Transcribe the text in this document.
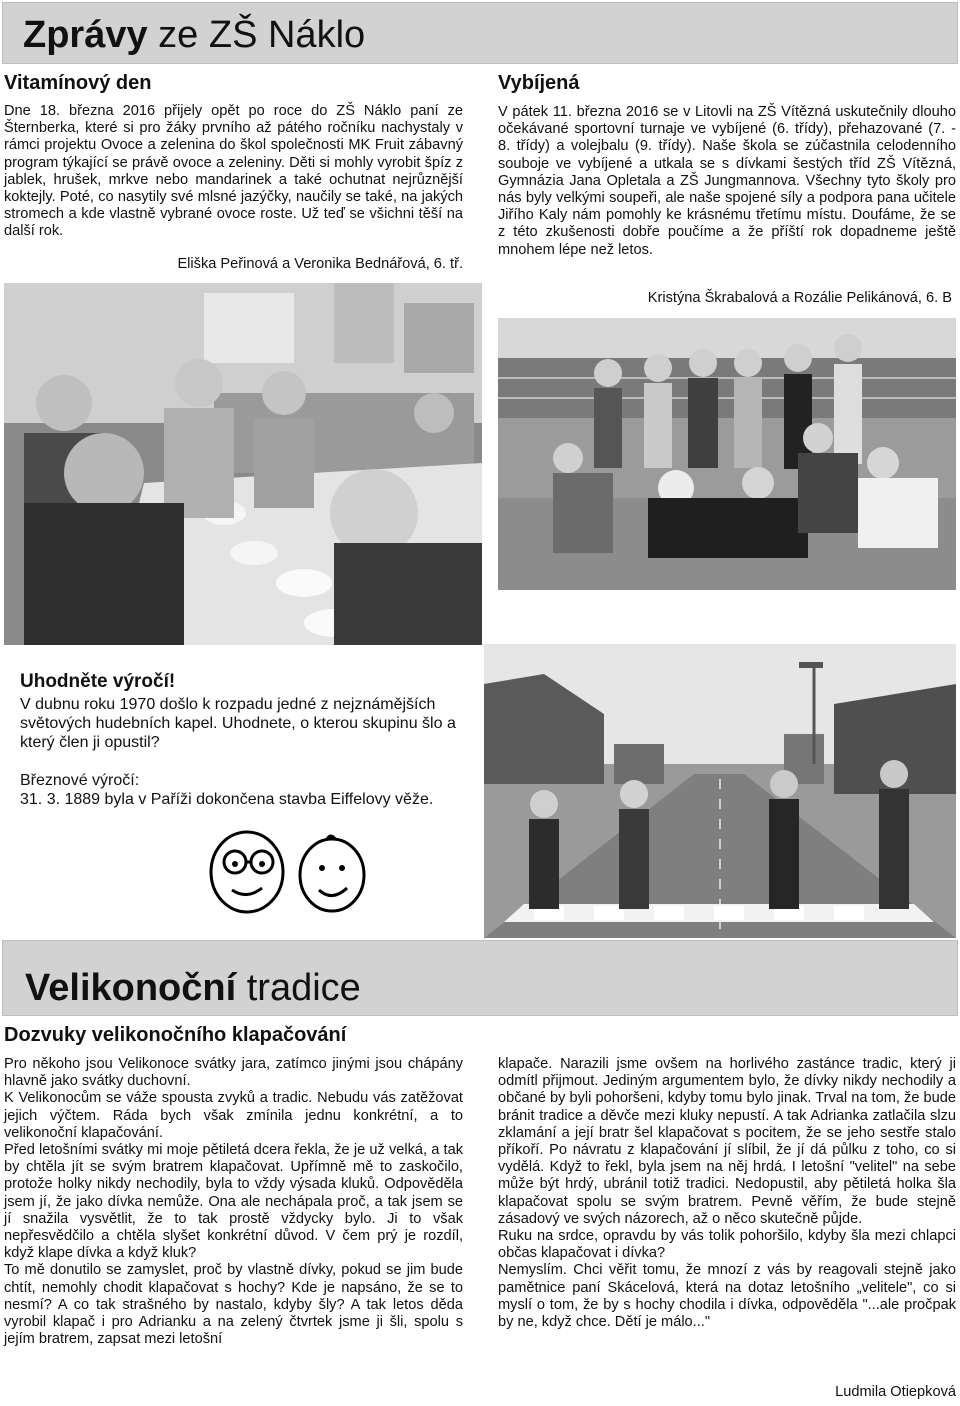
Zprávy ze ZŠ Náklo
Vitamínový den

Dne 18. března 2016 přijely opět po roce do ZŠ Náklo paní ze Šternberka, které si pro žáky prvního až pátého ročníku nachystaly v rámci projektu Ovoce a zelenina do škol společnosti MK Fruit zábavný program týkající se právě ovoce a zeleniny. Děti si mohly vyrobit špíz z jablek, hrušek, mrkve nebo mandarinek a také ochutnat nejrůznější koktejly. Poté, co nasytily své mlsné jazýčky, naučily se také, na jakých stromech a kde vlastně vybrané ovoce roste. Už teď se všichni těší na další rok.

Eliška Peřinová a Veronika Bednářová, 6. tř.
Vybíjená

V pátek 11. března 2016 se v Litovli na ZŠ Vítězná uskutečnily dlouho očekávané sportovní turnaje ve vybíjené (6. třídy), přehazované (7. - 8. třídy) a volejbalu (9. třídy). Naše škola se zúčastnila celodenního souboje ve vybíjené a utkala se s dívkami šestých tříd ZŠ Vítězná, Gymnázia Jana Opletala a ZŠ Jungmannova. Všechny tyto školy pro nás byly velkými soupeři, ale naše spojené síly a podpora pana učitele Jiřího Kaly nám pomohly ke krásnému třetímu místu. Doufáme, že se z této zkušenosti dobře poučíme a že příští rok dopadneme ještě mnohem lépe než letos.

Kristýna Škrabalová a Rozálie Pelikánová, 6. B
Uhodněte výročí!

V dubnu roku 1970 došlo k rozpadu jedné z nejznámějších světových hudebních kapel. Uhodnete, o kterou skupinu šlo a který člen ji opustil?

Březnové výročí:

31. 3. 1889 byla v Paříži dokončena stavba Eiffelovy věže.

Velikonoční tradice
Dozvuky velikonočního klapačování

Pro někoho jsou Velikonoce svátky jara, zatímco jinými jsou chápány hlavně jako svátky duchovní.

K Velikonocům se váže spousta zvyků a tradic. Nebudu vás zatěžovat jejich výčtem. Ráda bych však zmínila jednu konkrétní, a to velikonoční klapačování.

Před letošními svátky mi moje pětiletá dcera řekla, že je už velká, a tak by chtěla jít se svým bratrem klapačovat. Upřímně mě to zaskočilo, protože holky nikdy nechodily, byla to vždy výsada kluků. Odpověděla jsem jí, že jako dívka nemůže. Ona ale nechápala proč, a tak jsem se jí snažila vysvětlit, že to tak prostě vždycky bylo. Ji to však nepřesvědčilo a chtěla slyšet konkrétní důvod. V čem prý je rozdíl, když klape dívka a když kluk?

To mě donutilo se zamyslet, proč by vlastně dívky, pokud se jim bude chtít, nemohly chodit klapačovat s hochy? Kde je napsáno, že se to nesmí? A co tak strašného by nastalo, kdyby šly? A tak letos děda vyrobil klapač i pro Adrianku a na zelený čtvrtek jsme ji šli, spolu s jejím bratrem, zapsat mezi letošní

klapače. Narazili jsme ovšem na horlivého zastánce tradic, který ji odmítl přijmout. Jediným argumentem bylo, že dívky nikdy nechodily a občané by byli pohoršeni, kdyby tomu bylo jinak. Trval na tom, že bude bránit tradice a děvče mezi kluky nepustí. A tak Adrianka zatlačila slzu zklamání a její bratr šel klapačovat s pocitem, že se jeho sestře stalo příkoří. Po návratu z klapačování jí slíbil, že jí dá půlku z toho, co si vydělá. Když to řekl, byla jsem na něj hrdá. I letošní "velitel" na sebe může být hrdý, ubránil totiž tradici. Nedopustil, aby pětiletá holka šla klapačovat spolu se svým bratrem. Pevně věřím, že bude stejně zásadový ve svých názorech, až o něco skutečně půjde.

Ruku na srdce, opravdu by vás tolik pohoršilo, kdyby šla mezi chlapci občas klapačovat i dívka?

Nemyslím. Chci věřit tomu, že mnozí z vás by reagovali stejně jako pamětnice paní Skácelová, která na dotaz letošního „velitele", co si myslí o tom, že by s hochy chodila i dívka, odpověděla "...ale pročpak by ne, když chce. Dětí je málo..."

Ludmila Otiepková
